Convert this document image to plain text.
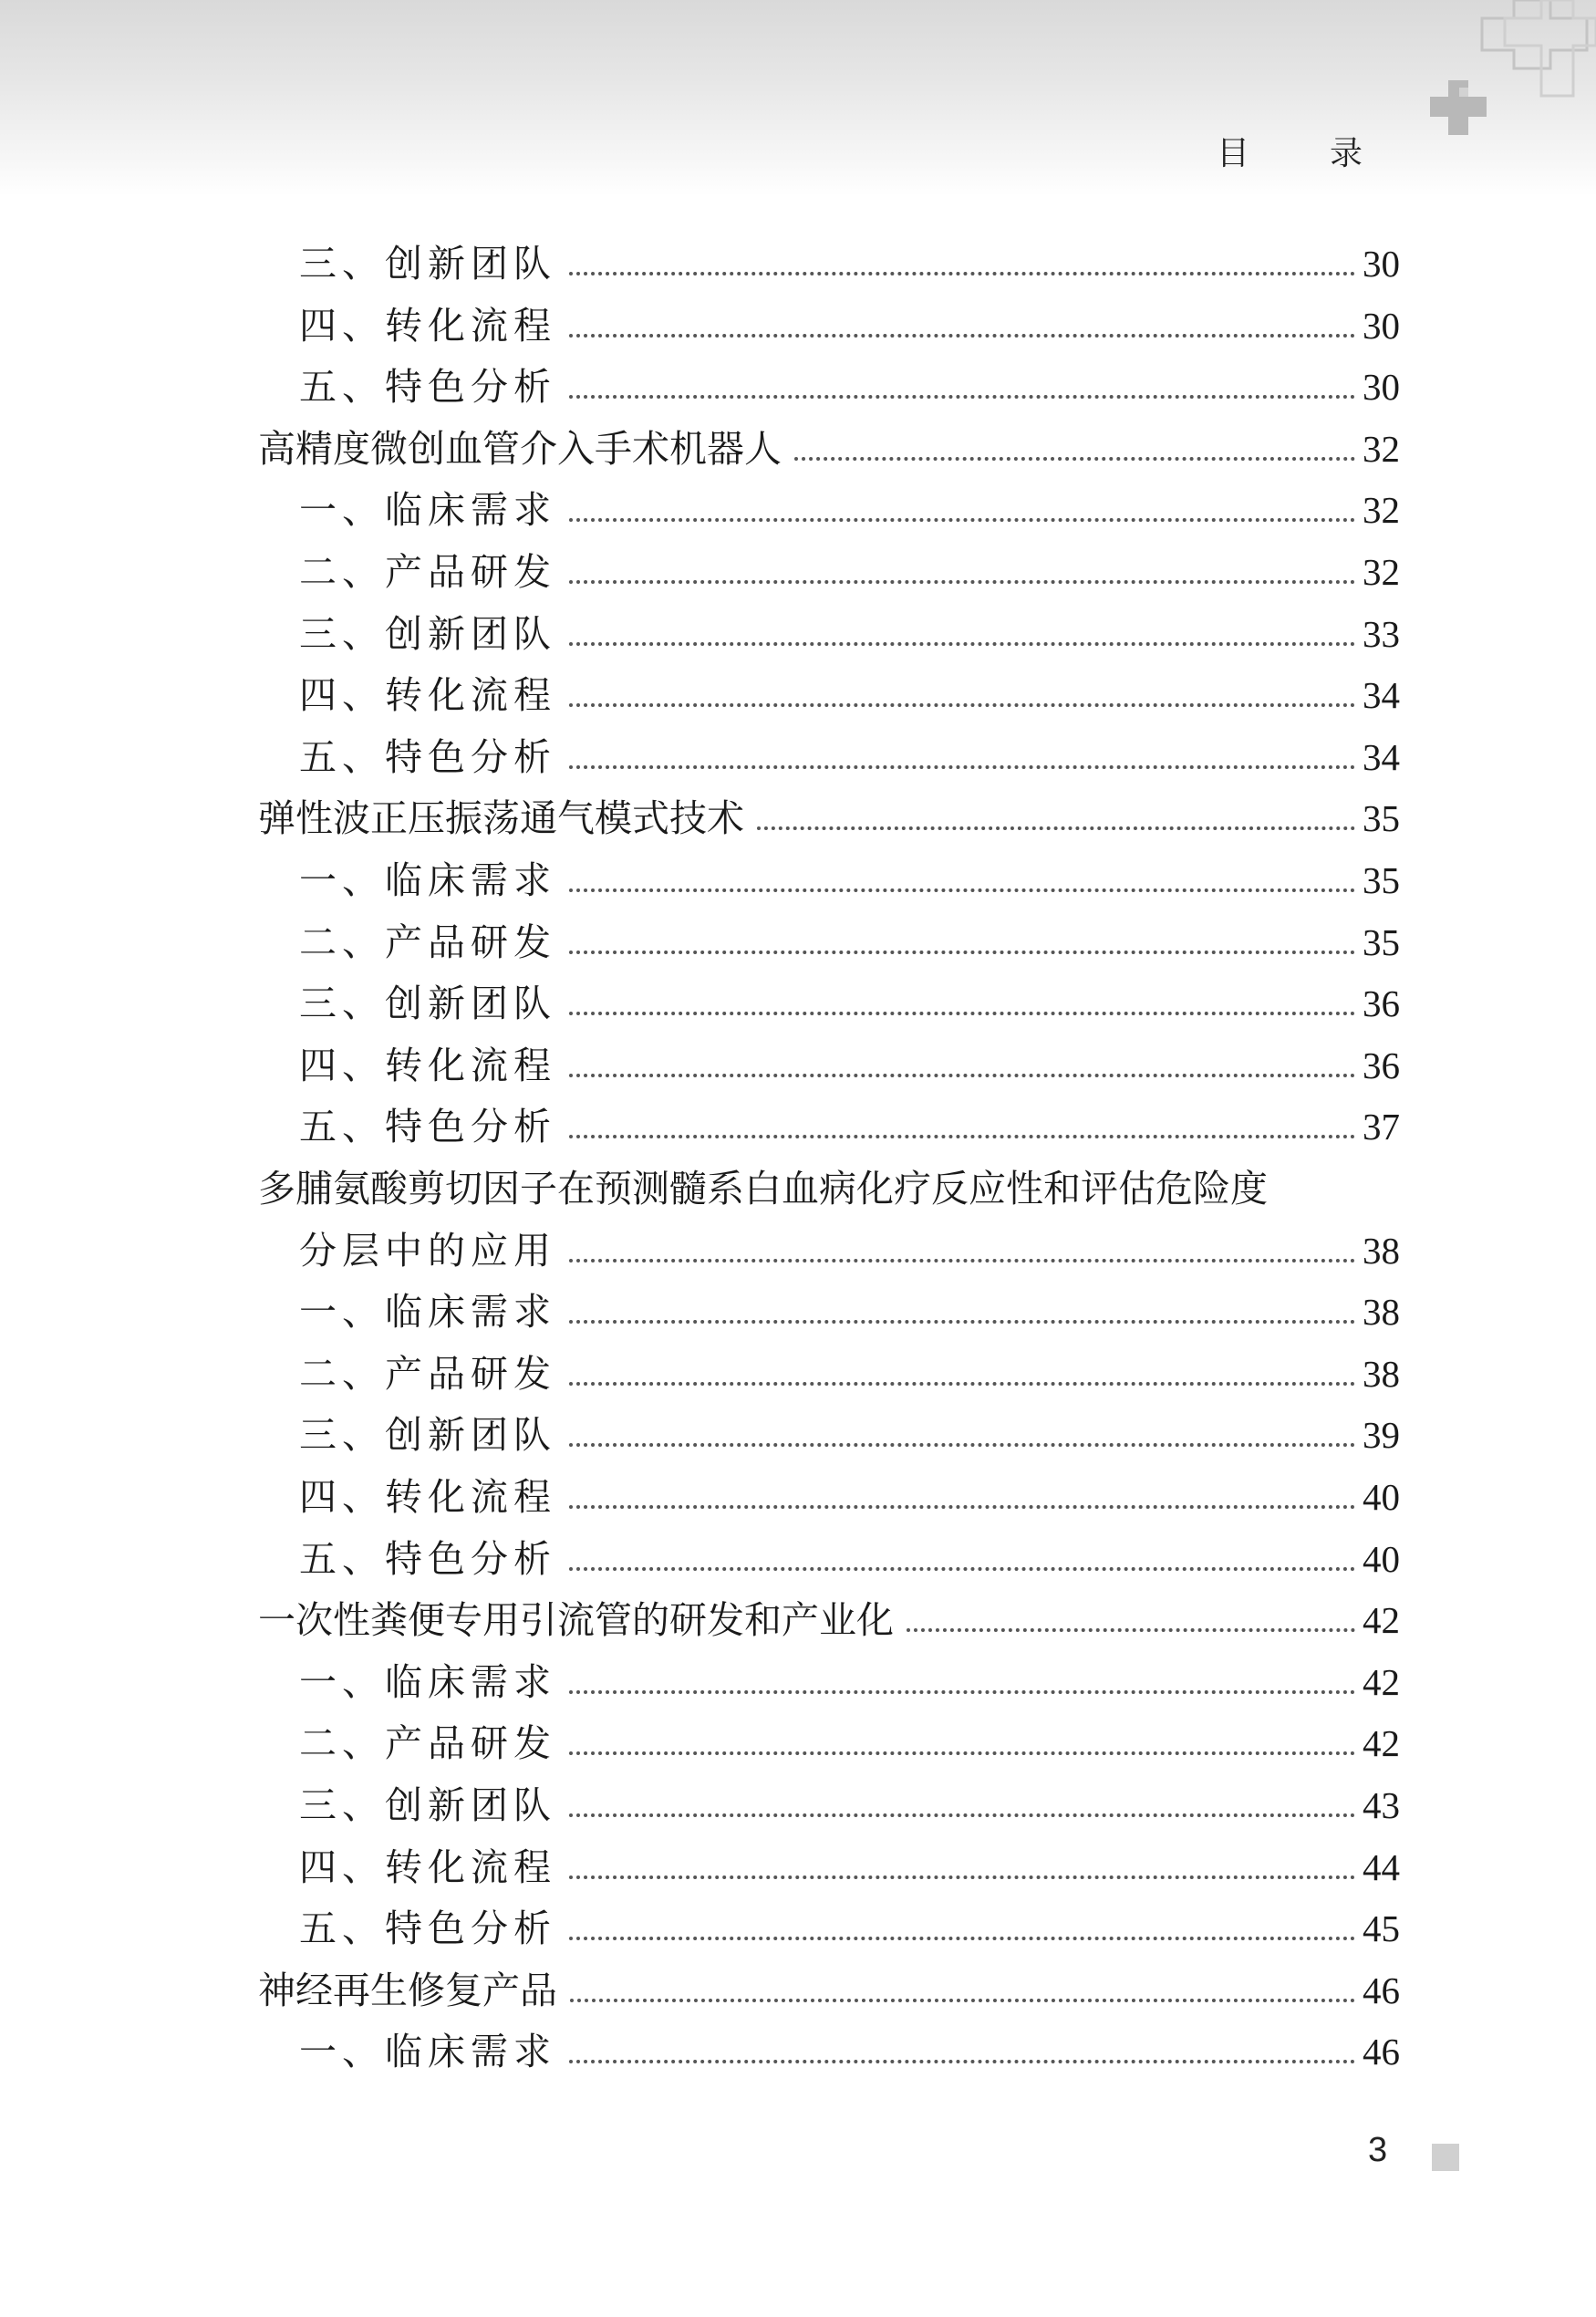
目　录
三、创新团队	30
四、转化流程	30
五、特色分析	30
高精度微创血管介入手术机器人	32
一、临床需求	32
二、产品研发	32
三、创新团队	33
四、转化流程	34
五、特色分析	34
弹性波正压振荡通气模式技术	35
一、临床需求	35
二、产品研发	35
三、创新团队	36
四、转化流程	36
五、特色分析	37
多脯氨酸剪切因子在预测髓系白血病化疗反应性和评估危险度
分层中的应用	38
一、临床需求	38
二、产品研发	38
三、创新团队	39
四、转化流程	40
五、特色分析	40
一次性粪便专用引流管的研发和产业化	42
一、临床需求	42
二、产品研发	42
三、创新团队	43
四、转化流程	44
五、特色分析	45
神经再生修复产品	46
一、临床需求	46
3
